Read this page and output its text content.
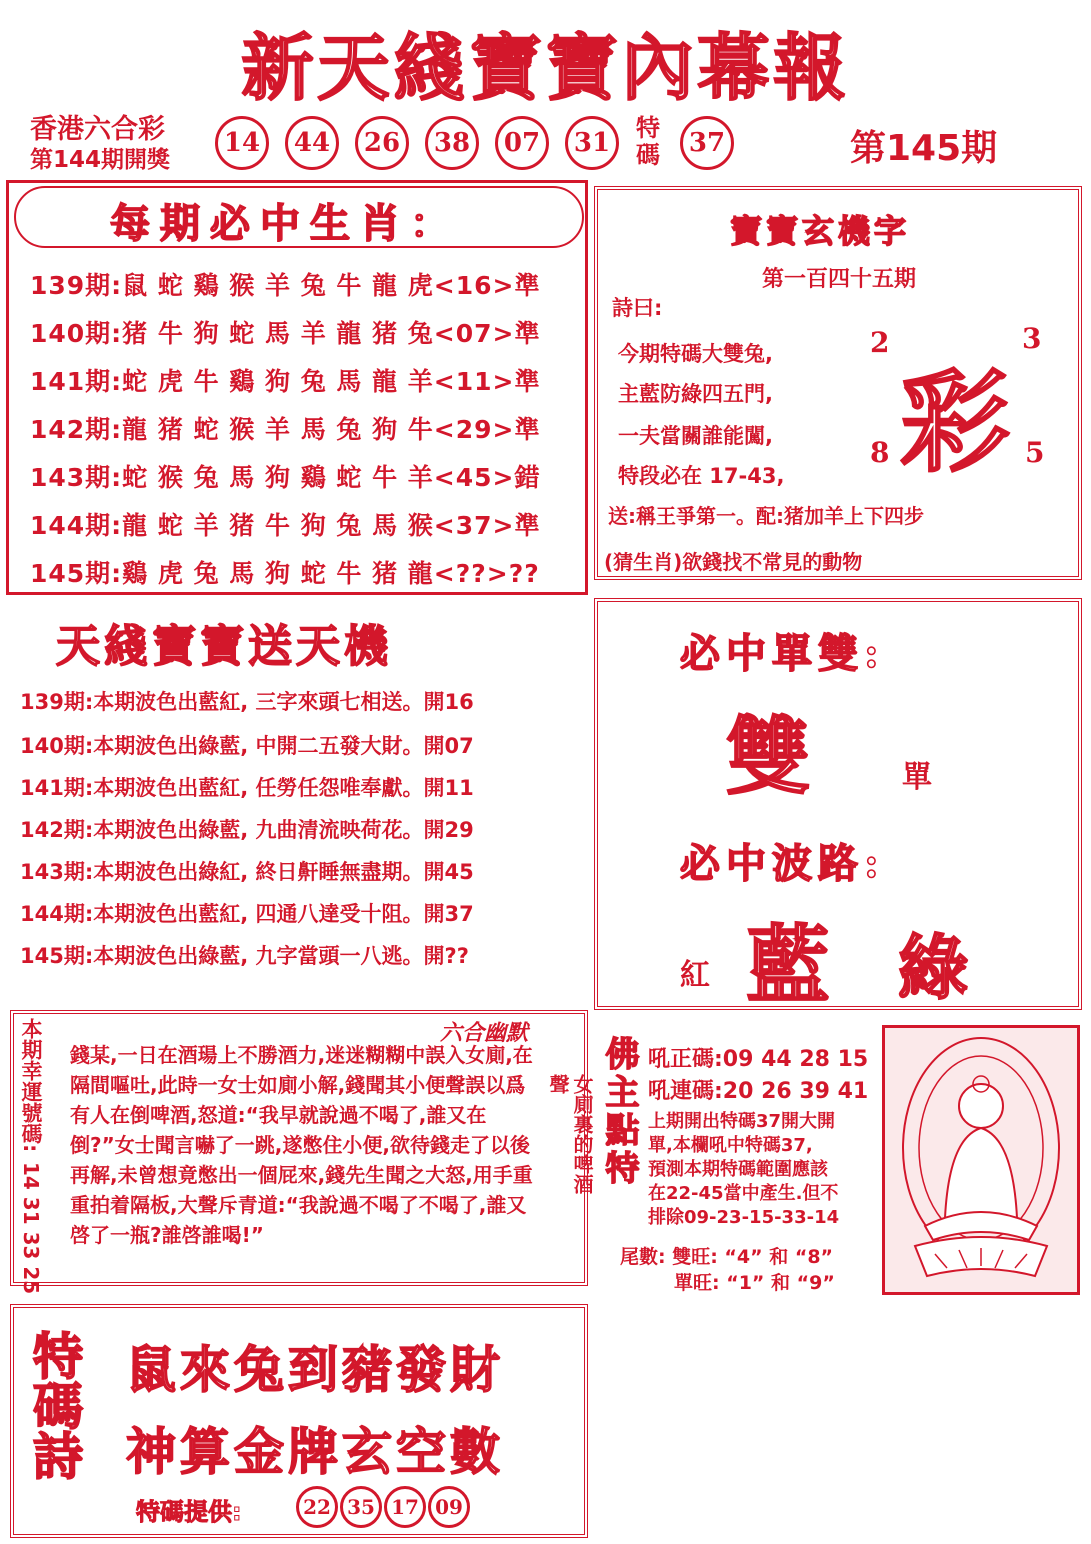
新天綫寶寶內幕報
香港六合彩
第144期開獎
14	44	26	38	07	31	特碼	37	第145期
每期必中生肖：
139期:鼠 蛇 鷄 猴 羊 兔 牛 龍 虎<16>準
140期:猪 牛 狗 蛇 馬 羊 龍 猪 兔<07>準
141期:蛇 虎 牛 鷄 狗 兔 馬 龍 羊<11>準
142期:龍 猪 蛇 猴 羊 馬 兔 狗 牛<29>準
143期:蛇 猴 兔 馬 狗 鷄 蛇 牛 羊<45>錯
144期:龍 蛇 羊 猪 牛 狗 兔 馬 猴<37>準
145期:鷄 虎 兔 馬 狗 蛇 牛 猪 龍<??>??
寶寶玄機字
第一百四十五期
詩曰:
今期特碼大雙兔,
主藍防綠四五門,
一夫當關誰能闖,
特段必在 17-43, 彩
2	3
8	5
送:稱王爭第一。配:猪加羊上下四步
(猜生肖)欲錢找不常見的動物
天綫寶寶送天機
139期:本期波色出藍紅, 三字來頭七相送。開16
140期:本期波色出綠藍, 中開二五發大財。開07
141期:本期波色出藍紅, 任勞任怨唯奉獻。開11
142期:本期波色出綠藍, 九曲清流映荷花。開29
143期:本期波色出綠紅, 終日鼾睡無盡期。開45
144期:本期波色出藍紅, 四通八達受十阻。開37
145期:本期波色出綠藍, 九字當頭一八逃。開??
必中單雙:
雙	單
必中波路:
紅 藍 綠
本期幸運號碼:
14 31 33 25
六合幽默
錢某,一日在酒瑒上不勝酒力,迷迷糊糊中誤入女廁,在隔間嘔吐,此時一女士如廁小解,錢聞其小便聲誤以爲有人在倒啤酒,怒道:“我早就說過不喝了,誰又在倒?”女士聞言嚇了一跳,遂憋住小便,欲待錢走了以後再解,未曾想竟憋出一個屁來,錢先生聞之大怒,用手重重拍着隔板,大聲斥青道:“我說過不喝了不喝了,誰又啓了一瓶?誰啓誰喝!”
女廁裏的啤酒聲 佛主點特 吼正碼:09 44 28 15
吼連碼:20 26 39 41
上期開出特碼37開大開
單,本欄吼中特碼37,
預測本期特碼範圍應該
在22-45當中產生.但不
排除09-23-15-33-14
尾數: 雙旺: “4” 和 “8”
單旺: “1” 和 “9”
特碼詩 鼠來兔到豬發財
神算金牌玄空數
特碼提供:	22 35 17 09
